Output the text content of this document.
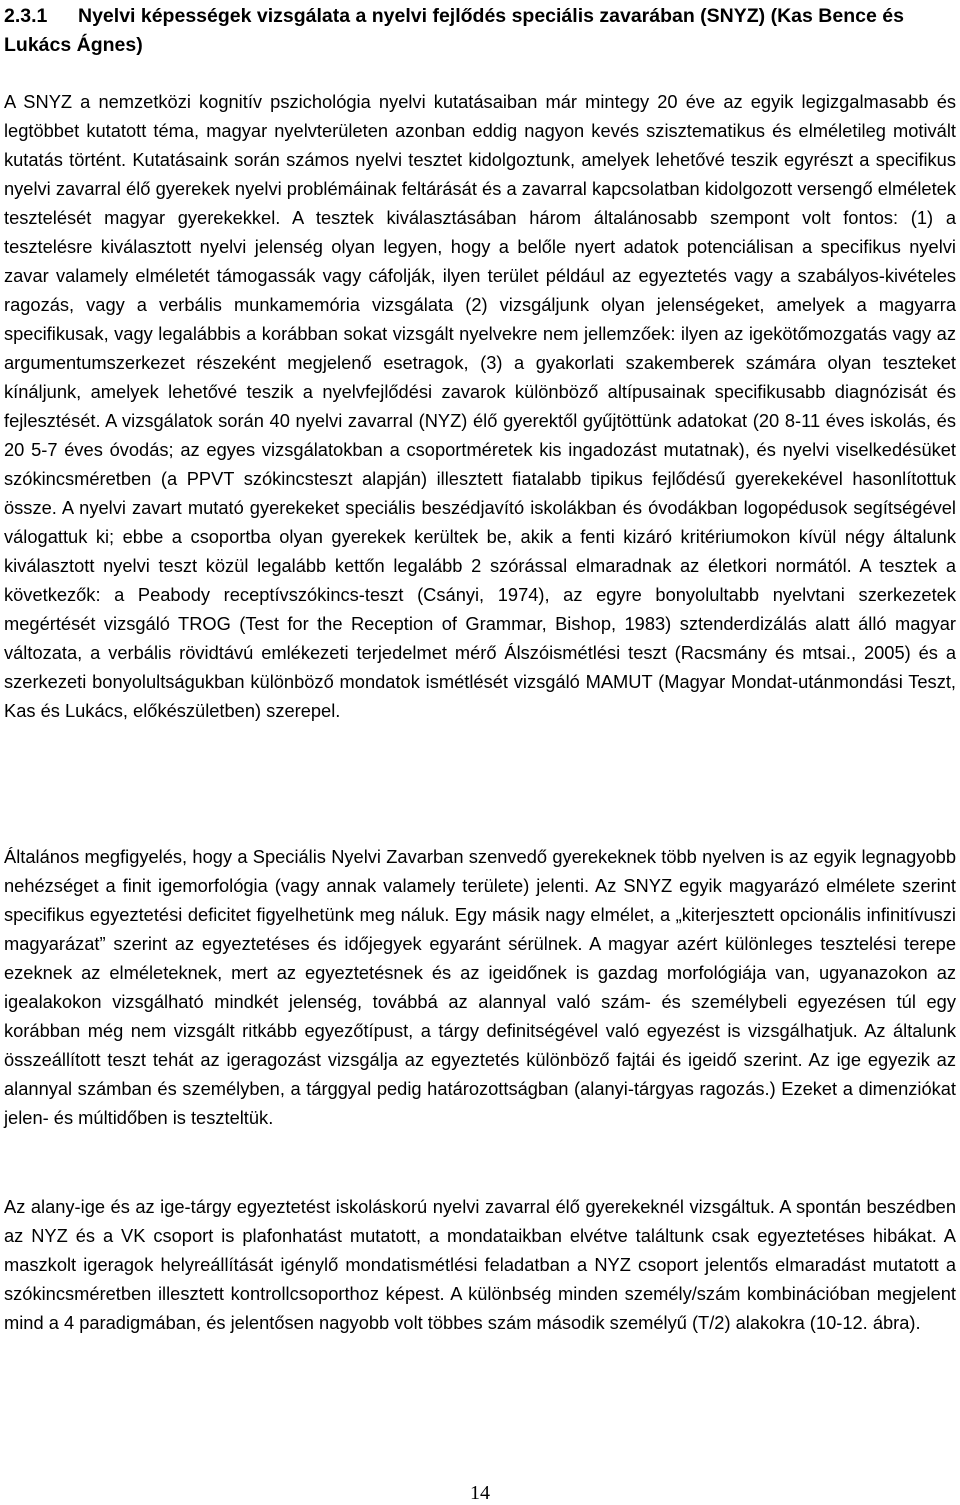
2.3.1 Nyelvi képességek vizsgálata a nyelvi fejlődés speciális zavarában (SNYZ) (Kas Bence és Lukács Ágnes)

A SNYZ a nemzetközi kognitív pszichológia nyelvi kutatásaiban már mintegy 20 éve az egyik legizgalmasabb és legtöbbet kutatott téma, magyar nyelvterületen azonban eddig nagyon kevés szisztematikus és elméletileg motivált kutatás történt. Kutatásaink során számos nyelvi tesztet kidolgoztunk, amelyek lehetővé teszik egyrészt a specifikus nyelvi zavarral élő gyerekek nyelvi problémáinak feltárását és a zavarral kapcsolatban kidolgozott versengő elméletek tesztelését magyar gyerekekkel. A tesztek kiválasztásában három általánosabb szempont volt fontos: (1) a tesztelésre kiválasztott nyelvi jelenség olyan legyen, hogy a belőle nyert adatok potenciálisan a specifikus nyelvi zavar valamely elméletét támogassák vagy cáfolják, ilyen terület például az egyeztetés vagy a szabályos-kivételes ragozás, vagy a verbális munkamemória vizsgálata (2) vizsgáljunk olyan jelenségeket, amelyek a magyarra specifikusak, vagy legalábbis a korábban sokat vizsgált nyelvekre nem jellemzőek: ilyen az igekötőmozgatás vagy az argumentumszerkezet részeként megjelenő esetragok, (3) a gyakorlati szakemberek számára olyan teszteket kínáljunk, amelyek lehetővé teszik a nyelvfejlődési zavarok különböző altípusainak specifikusabb diagnózisát és fejlesztését. A vizsgálatok során 40 nyelvi zavarral (NYZ) élő gyerektől gyűjtöttünk adatokat (20 8-11 éves iskolás, és 20 5-7 éves óvodás; az egyes vizsgálatokban a csoportméretek kis ingadozást mutatnak), és nyelvi viselkedésüket szókincsméretben (a PPVT szókincsteszt alapján) illesztett fiatalabb tipikus fejlődésű gyerekekével hasonlítottuk össze. A nyelvi zavart mutató gyerekeket speciális beszédjavító iskolákban és óvodákban logopédusok segítségével válogattuk ki; ebbe a csoportba olyan gyerekek kerültek be, akik a fenti kizáró kritériumokon kívül négy általunk kiválasztott nyelvi teszt közül legalább kettőn legalább 2 szórással elmaradnak az életkori normától. A tesztek a következők: a Peabody receptívszókincs-teszt (Csányi, 1974), az egyre bonyolultabb nyelvtani szerkezetek megértését vizsgáló TROG (Test for the Reception of Grammar, Bishop, 1983) sztenderdizálás alatt álló magyar változata, a verbális rövidtávú emlékezeti terjedelmet mérő Álszóismétlési teszt (Racsmány és mtsai., 2005) és a szerkezeti bonyolultságukban különböző mondatok ismétlését vizsgáló MAMUT (Magyar Mondat-utánmondási Teszt, Kas és Lukács, előkészületben) szerepel.

Általános megfigyelés, hogy a Speciális Nyelvi Zavarban szenvedő gyerekeknek több nyelven is az egyik legnagyobb nehézséget a finit igemorfológia (vagy annak valamely területe) jelenti. Az SNYZ egyik magyarázó elmélete szerint specifikus egyeztetési deficitet figyelhetünk meg náluk. Egy másik nagy elmélet, a „kiterjesztett opcionális infinitívuszi magyarázat” szerint az egyeztetéses és időjegyek egyaránt sérülnek. A magyar azért különleges tesztelési terepe ezeknek az elméleteknek, mert az egyeztetésnek és az igeidőnek is gazdag morfológiája van, ugyanazokon az igealakokon vizsgálható mindkét jelenség, továbbá az alannyal való szám- és személybeli egyezésen túl egy korábban még nem vizsgált ritkább egyezőtípust, a tárgy definitségével való egyezést is vizsgálhatjuk. Az általunk összeállított teszt tehát az igeragozást vizsgálja az egyeztetés különböző fajtái és igeidő szerint. Az ige egyezik az alannyal számban és személyben, a tárggyal pedig határozottságban (alanyi-tárgyas ragozás.) Ezeket a dimenziókat jelen- és múltidőben is teszteltük.

Az alany-ige és az ige-tárgy egyeztetést iskoláskorú nyelvi zavarral élő gyerekeknél vizsgáltuk. A spontán beszédben az NYZ és a VK csoport is plafonhatást mutatott, a mondataikban elvétve találtunk csak egyeztetéses hibákat. A maszkolt igeragok helyreállítását igénylő mondatismétlési feladatban a NYZ csoport jelentős elmaradást mutatott a szókincsméretben illesztett kontrollcsoporthoz képest. A különbség minden személy/szám kombinációban megjelent mind a 4 paradigmában, és jelentősen nagyobb volt többes szám második személyű (T/2) alakokra (10-12. ábra).

14
